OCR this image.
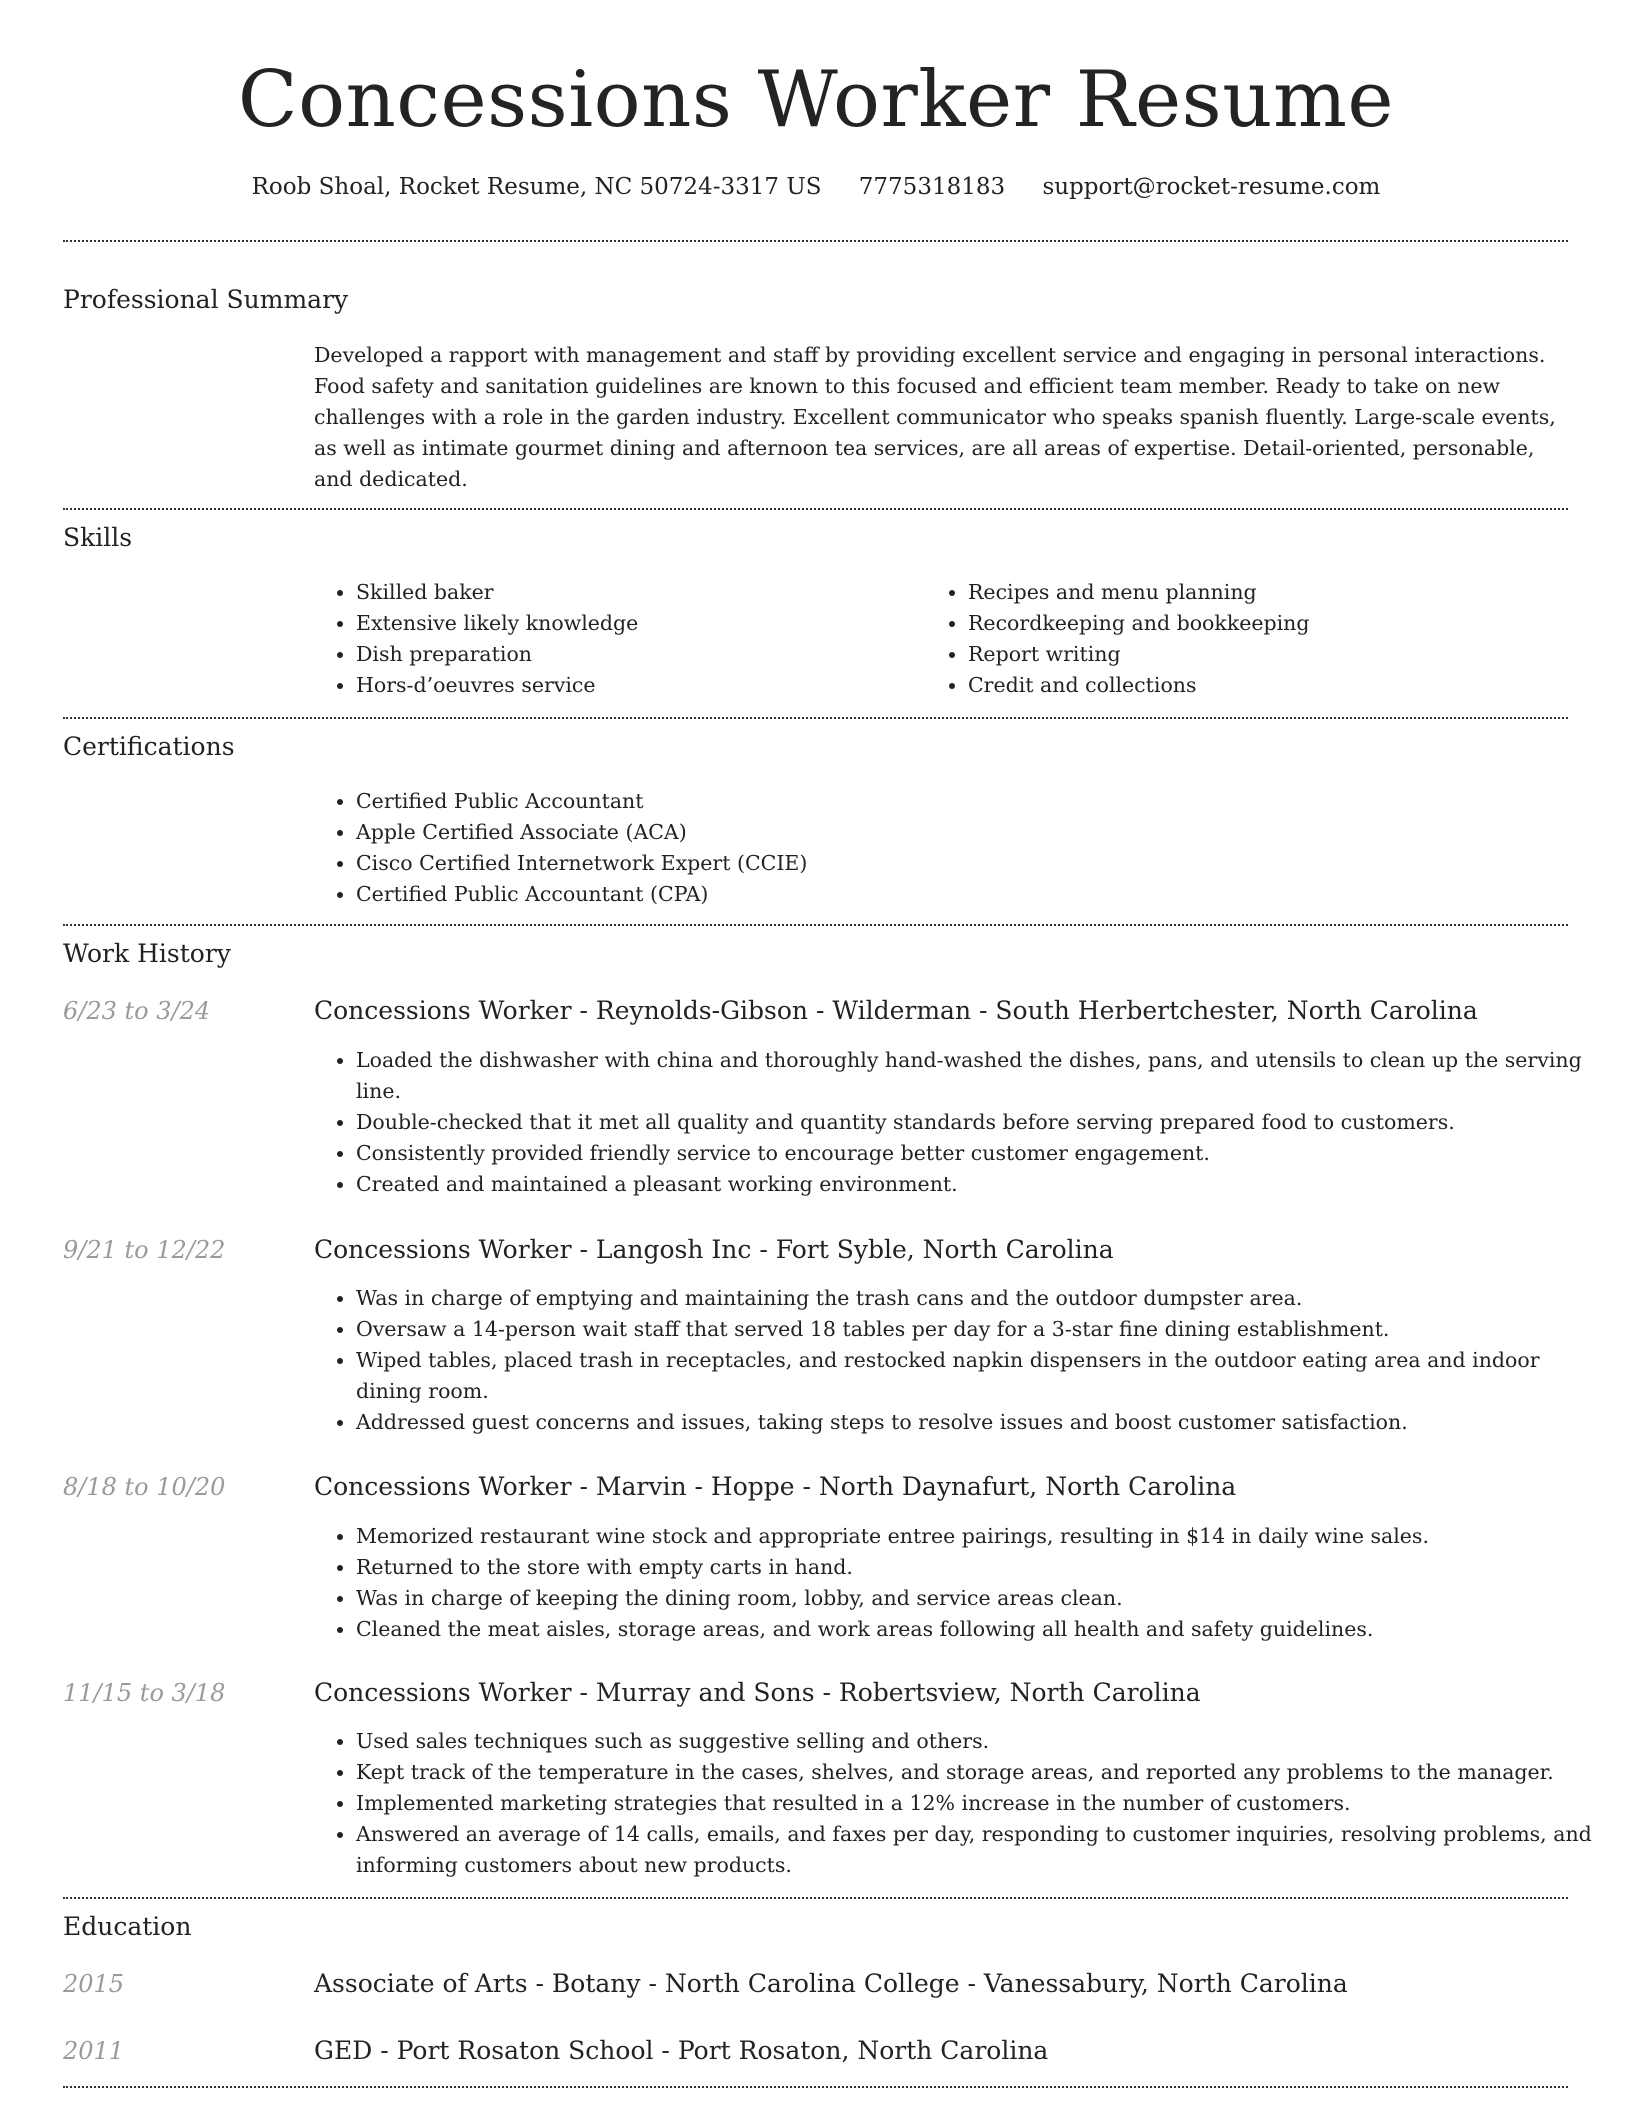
Concessions Worker Resume
Roob Shoal, Rocket Resume, NC 50724-3317 US 7775318183 support@rocket-resume.com
Professional Summary

Developed a rapport with management and staff by providing excellent service and engaging in personal interactions. Food safety and sanitation guidelines are known to this focused and efficient team member. Ready to take on new challenges with a role in the garden industry. Excellent communicator who speaks spanish fluently. Large-scale events, as well as intimate gourmet dining and afternoon tea services, are all areas of expertise. Detail-oriented, personable, and dedicated.

Skills
• Skilled baker
• Extensive likely knowledge
• Dish preparation
• Hors-d’oeuvres service
• Recipes and menu planning
• Recordkeeping and bookkeeping
• Report writing
• Credit and collections
Certifications
• Certified Public Accountant
• Apple Certified Associate (ACA)
• Cisco Certified Internetwork Expert (CCIE)
• Certified Public Accountant (CPA)
Work History
6/23 to 3/24	Concessions Worker - Reynolds-Gibson - Wilderman - South Herbertchester, North Carolina
• Loaded the dishwasher with china and thoroughly hand-washed the dishes, pans, and utensils to clean up the serving line.
• Double-checked that it met all quality and quantity standards before serving prepared food to customers.
• Consistently provided friendly service to encourage better customer engagement.
• Created and maintained a pleasant working environment.
9/21 to 12/22	Concessions Worker - Langosh Inc - Fort Syble, North Carolina
• Was in charge of emptying and maintaining the trash cans and the outdoor dumpster area.
• Oversaw a 14-person wait staff that served 18 tables per day for a 3-star fine dining establishment.
• Wiped tables, placed trash in receptacles, and restocked napkin dispensers in the outdoor eating area and indoor dining room.
• Addressed guest concerns and issues, taking steps to resolve issues and boost customer satisfaction.
8/18 to 10/20	Concessions Worker - Marvin - Hoppe - North Daynafurt, North Carolina
• Memorized restaurant wine stock and appropriate entree pairings, resulting in $14 in daily wine sales.
• Returned to the store with empty carts in hand.
• Was in charge of keeping the dining room, lobby, and service areas clean.
• Cleaned the meat aisles, storage areas, and work areas following all health and safety guidelines.
11/15 to 3/18	Concessions Worker - Murray and Sons - Robertsview, North Carolina
• Used sales techniques such as suggestive selling and others.
• Kept track of the temperature in the cases, shelves, and storage areas, and reported any problems to the manager.
• Implemented marketing strategies that resulted in a 12% increase in the number of customers.
• Answered an average of 14 calls, emails, and faxes per day, responding to customer inquiries, resolving problems, and informing customers about new products.
Education
2015	Associate of Arts - Botany - North Carolina College - Vanessabury, North Carolina
2011	GED - Port Rosaton School - Port Rosaton, North Carolina
